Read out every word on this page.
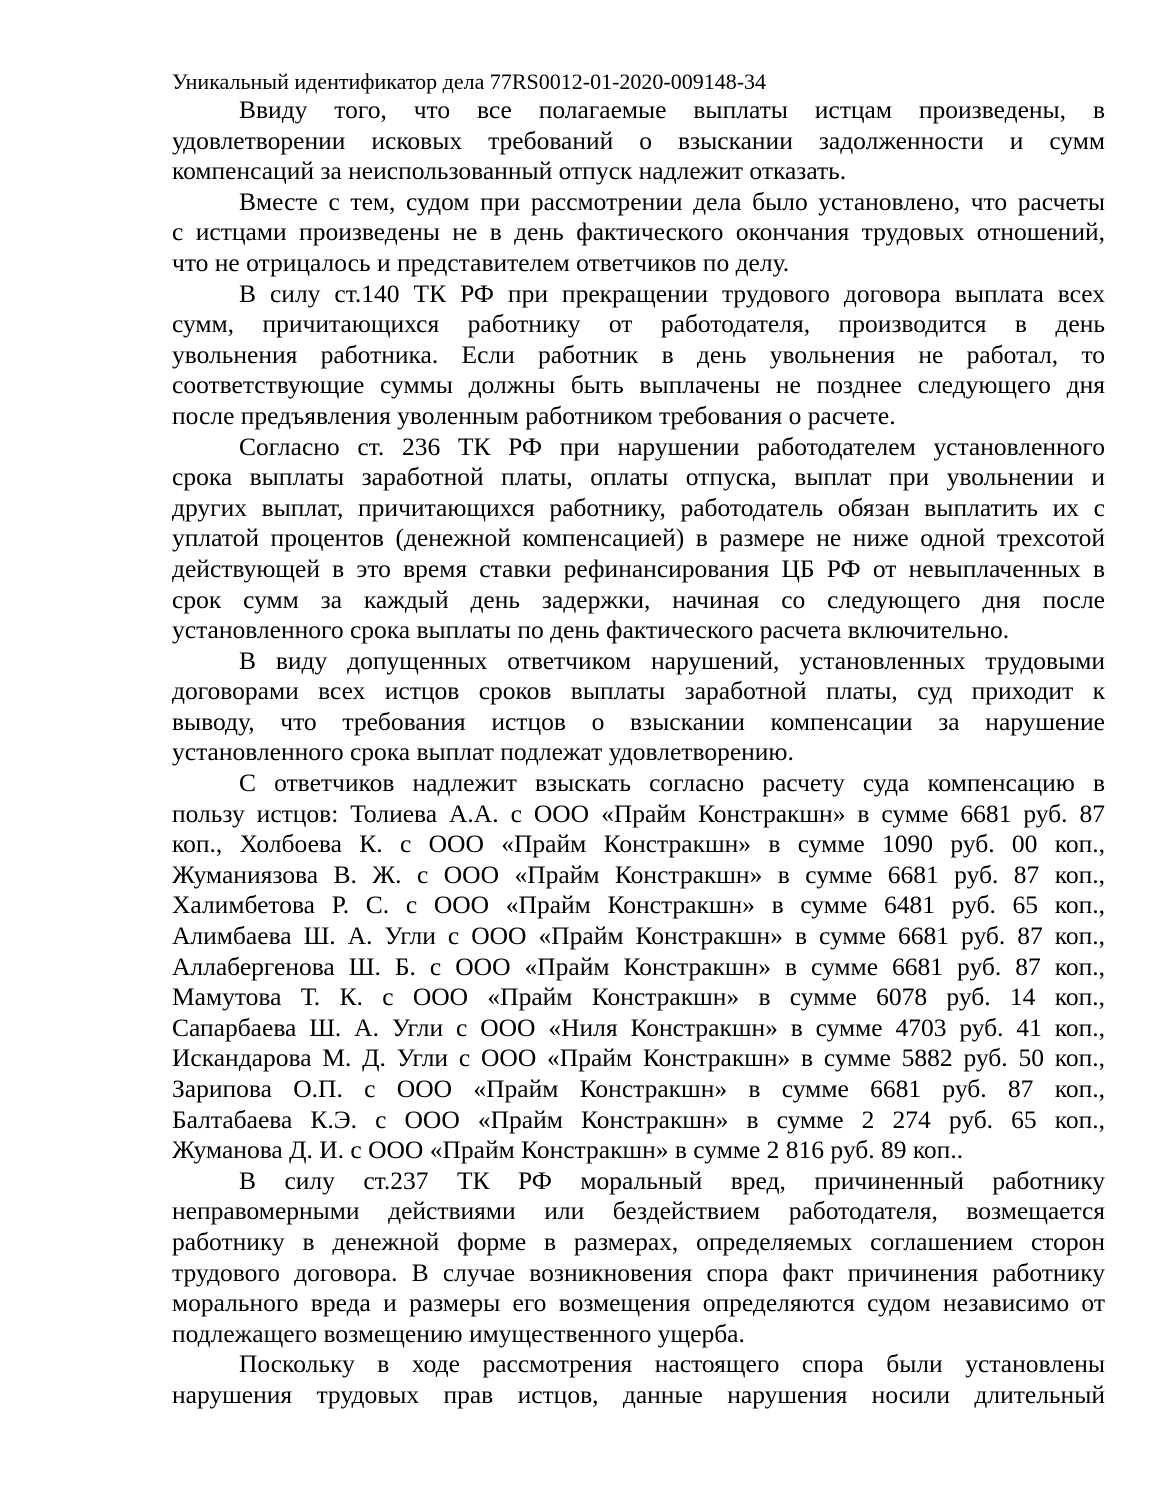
Уникальный идентификатор дела 77RS0012-01-2020-009148-34
Ввиду того, что все полагаемые выплаты истцам произведены, в
удовлетворении исковых требований о взыскании задолженности и сумм
компенсаций за неиспользованный отпуск надлежит отказать.
Вместе с тем, судом при рассмотрении дела было установлено, что расчеты
с истцами произведены не в день фактического окончания трудовых отношений,
что не отрицалось и представителем ответчиков по делу.
В силу ст.140 ТК РФ при прекращении трудового договора выплата всех
сумм, причитающихся работнику от работодателя, производится в день
увольнения работника. Если работник в день увольнения не работал, то
соответствующие суммы должны быть выплачены не позднее следующего дня
после предъявления уволенным работником требования о расчете.
Согласно ст. 236 ТК РФ при нарушении работодателем установленного
срока выплаты заработной платы, оплаты отпуска, выплат при увольнении и
других выплат, причитающихся работнику, работодатель обязан выплатить их с
уплатой процентов (денежной компенсацией) в размере не ниже одной трехсотой
действующей в это время ставки рефинансирования ЦБ РФ от невыплаченных в
срок сумм за каждый день задержки, начиная со следующего дня после
установленного срока выплаты по день фактического расчета включительно.
В виду допущенных ответчиком нарушений, установленных трудовыми
договорами всех истцов сроков выплаты заработной платы, суд приходит к
выводу, что требования истцов о взыскании компенсации за нарушение
установленного срока выплат подлежат удовлетворению.
С ответчиков надлежит взыскать согласно расчету суда компенсацию в
пользу истцов: Толиева А.А. с ООО «Прайм Констракшн» в сумме 6681 руб. 87
коп., Холбоева К. с ООО «Прайм Констракшн» в сумме 1090 руб. 00 коп.,
Жуманиязова В. Ж. с ООО «Прайм Констракшн» в сумме 6681 руб. 87 коп.,
Халимбетова Р. С. с ООО «Прайм Констракшн» в сумме 6481 руб. 65 коп.,
Алимбаева Ш. А. Угли с ООО «Прайм Констракшн» в сумме 6681 руб. 87 коп.,
Аллабергенова Ш. Б. с ООО «Прайм Констракшн» в сумме 6681 руб. 87 коп.,
Мамутова Т. К. с ООО «Прайм Констракшн» в сумме 6078 руб. 14 коп.,
Сапарбаева Ш. А. Угли с ООО «Ниля Констракшн» в сумме 4703 руб. 41 коп.,
Искандарова М. Д. Угли с ООО «Прайм Констракшн» в сумме 5882 руб. 50 коп.,
Зарипова О.П. с ООО «Прайм Констракшн» в сумме 6681 руб. 87 коп.,
Балтабаева К.Э. с ООО «Прайм Констракшн» в сумме 2 274 руб. 65 коп.,
Жуманова Д. И. с ООО «Прайм Констракшн» в сумме 2 816 руб. 89 коп..
В силу ст.237 ТК РФ моральный вред, причиненный работнику
неправомерными действиями или бездействием работодателя, возмещается
работнику в денежной форме в размерах, определяемых соглашением сторон
трудового договора. В случае возникновения спора факт причинения работнику
морального вреда и размеры его возмещения определяются судом независимо от
подлежащего возмещению имущественного ущерба.
Поскольку в ходе рассмотрения настоящего спора были установлены
нарушения трудовых прав истцов, данные нарушения носили длительный
